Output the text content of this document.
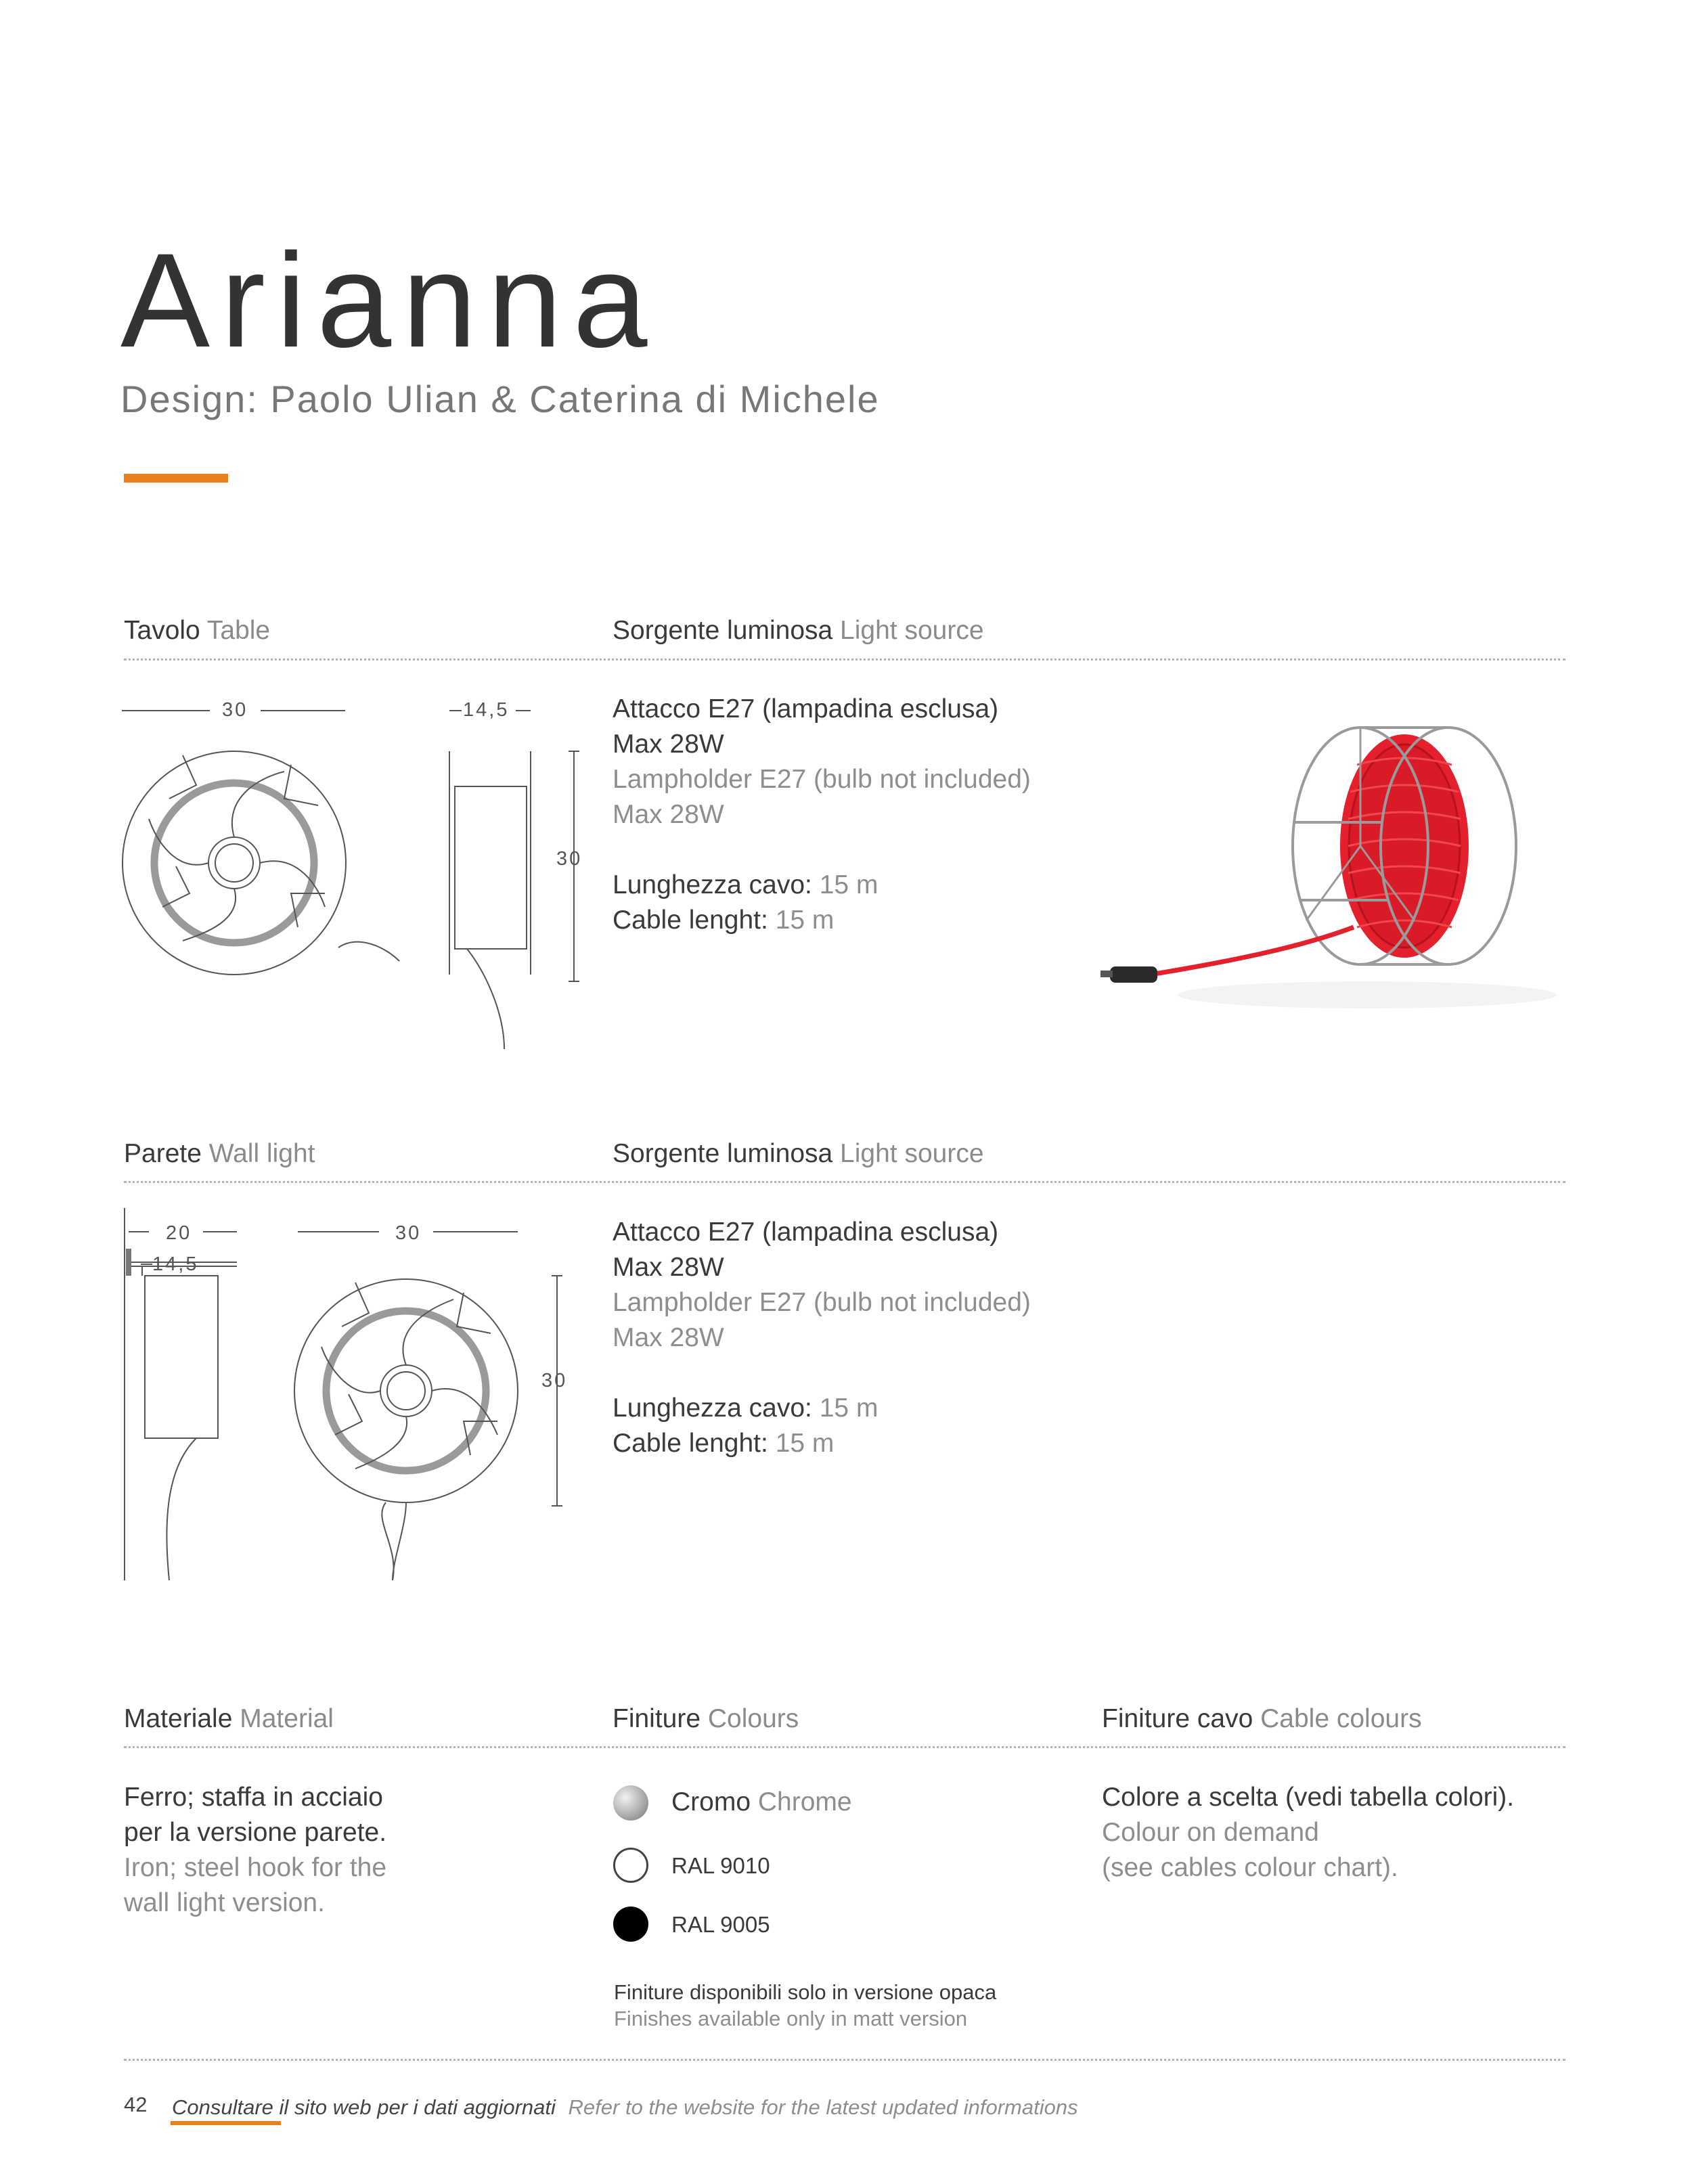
Arianna
Design: Paolo Ulian & Caterina di Michele
Tavolo Table	Sorgente luminosa Light source
30	14,5
30
Attacco E27 (lampadina esclusa)
Max 28W
Lampholder E27 (bulb not included)
Max 28W
Lunghezza cavo: 15 m
Cable lenght: 15 m
Parete Wall light	Sorgente luminosa Light source
20
14,5
30
30
Attacco E27 (lampadina esclusa)
Max 28W
Lampholder E27 (bulb not included)
Max 28W
Lunghezza cavo: 15 m
Cable lenght: 15 m
Materiale Material	Finiture Colours	Finiture cavo Cable colours
Ferro; staffa in acciaio
per la versione parete.
Iron; steel hook for the
wall light version.
Cromo Chrome
RAL 9010
RAL 9005
Finiture disponibili solo in versione opaca
Finishes available only in matt version
Colore a scelta (vedi tabella colori).
Colour on demand
(see cables colour chart).
42 Consultare il sito web per i dati aggiornati Refer to the website for the latest updated informations
